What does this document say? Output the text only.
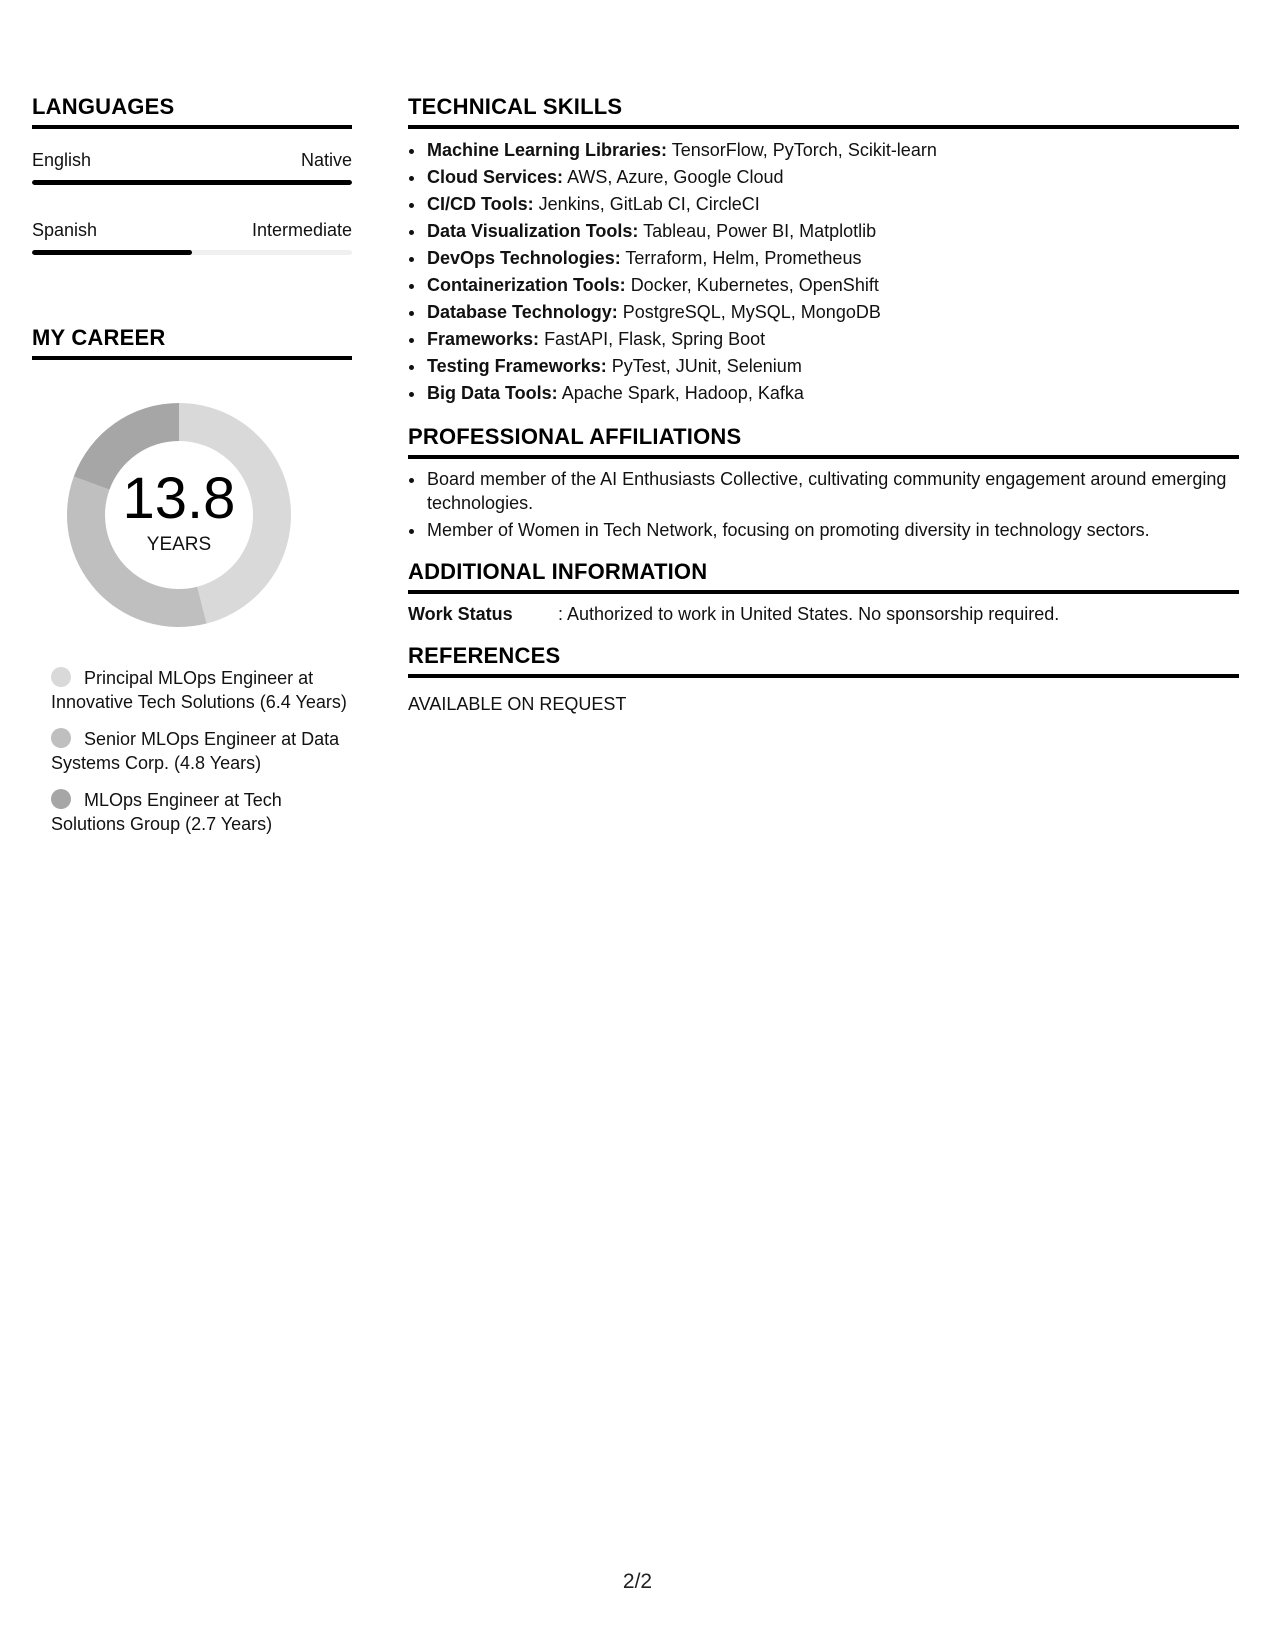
LANGUAGES
English	Native
Spanish	Intermediate
MY CAREER
13.8
YEARS
Principal MLOps Engineer at Innovative Tech Solutions (6.4 Years)
Senior MLOps Engineer at Data Systems Corp. (4.8 Years)
MLOps Engineer at Tech Solutions Group (2.7 Years)
TECHNICAL SKILLS
• Machine Learning Libraries: TensorFlow, PyTorch, Scikit-learn
• Cloud Services: AWS, Azure, Google Cloud
• CI/CD Tools: Jenkins, GitLab CI, CircleCI
• Data Visualization Tools: Tableau, Power BI, Matplotlib
• DevOps Technologies: Terraform, Helm, Prometheus
• Containerization Tools: Docker, Kubernetes, OpenShift
• Database Technology: PostgreSQL, MySQL, MongoDB
• Frameworks: FastAPI, Flask, Spring Boot
• Testing Frameworks: PyTest, JUnit, Selenium
• Big Data Tools: Apache Spark, Hadoop, Kafka
PROFESSIONAL AFFILIATIONS
• Board member of the AI Enthusiasts Collective, cultivating community engagement around emerging technologies.
• Member of Women in Tech Network, focusing on promoting diversity in technology sectors.
ADDITIONAL INFORMATION
Work Status	: Authorized to work in United States. No sponsorship required.
REFERENCES
AVAILABLE ON REQUEST
2/2
